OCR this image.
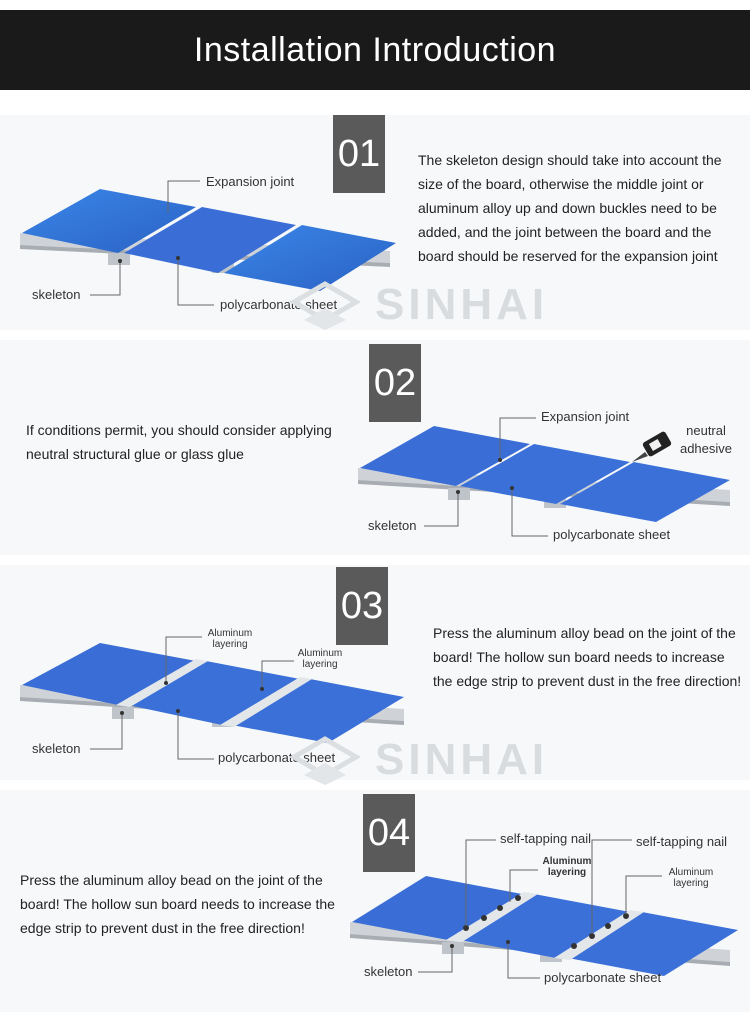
Installation Introduction
01	The skeleton design should take into account the size of the board, otherwise the middle joint or aluminum alloy up and down buckles need to be added, and the joint between the board and the board should be reserved for the expansion joint
Expansion joint
skeleton
polycarbonate sheet SINHAI
02
If conditions permit, you should consider applying neutral structural glue or glass glue
Expansion joint
neutral adhesive
skeleton
polycarbonate sheet
03
Press the aluminum alloy bead on the joint of the board! The hollow sun board needs to increase the edge strip to prevent dust in the free direction!
Aluminum layering
Aluminum layering
skeleton
polycarbonate sheet SINHAI
04
Press the aluminum alloy bead on the joint of the board! The hollow sun board needs to increase the edge strip to prevent dust in the free direction!
self-tapping nail	self-tapping nail
Aluminum layering	Aluminum layering
skeleton	polycarbonate sheet
